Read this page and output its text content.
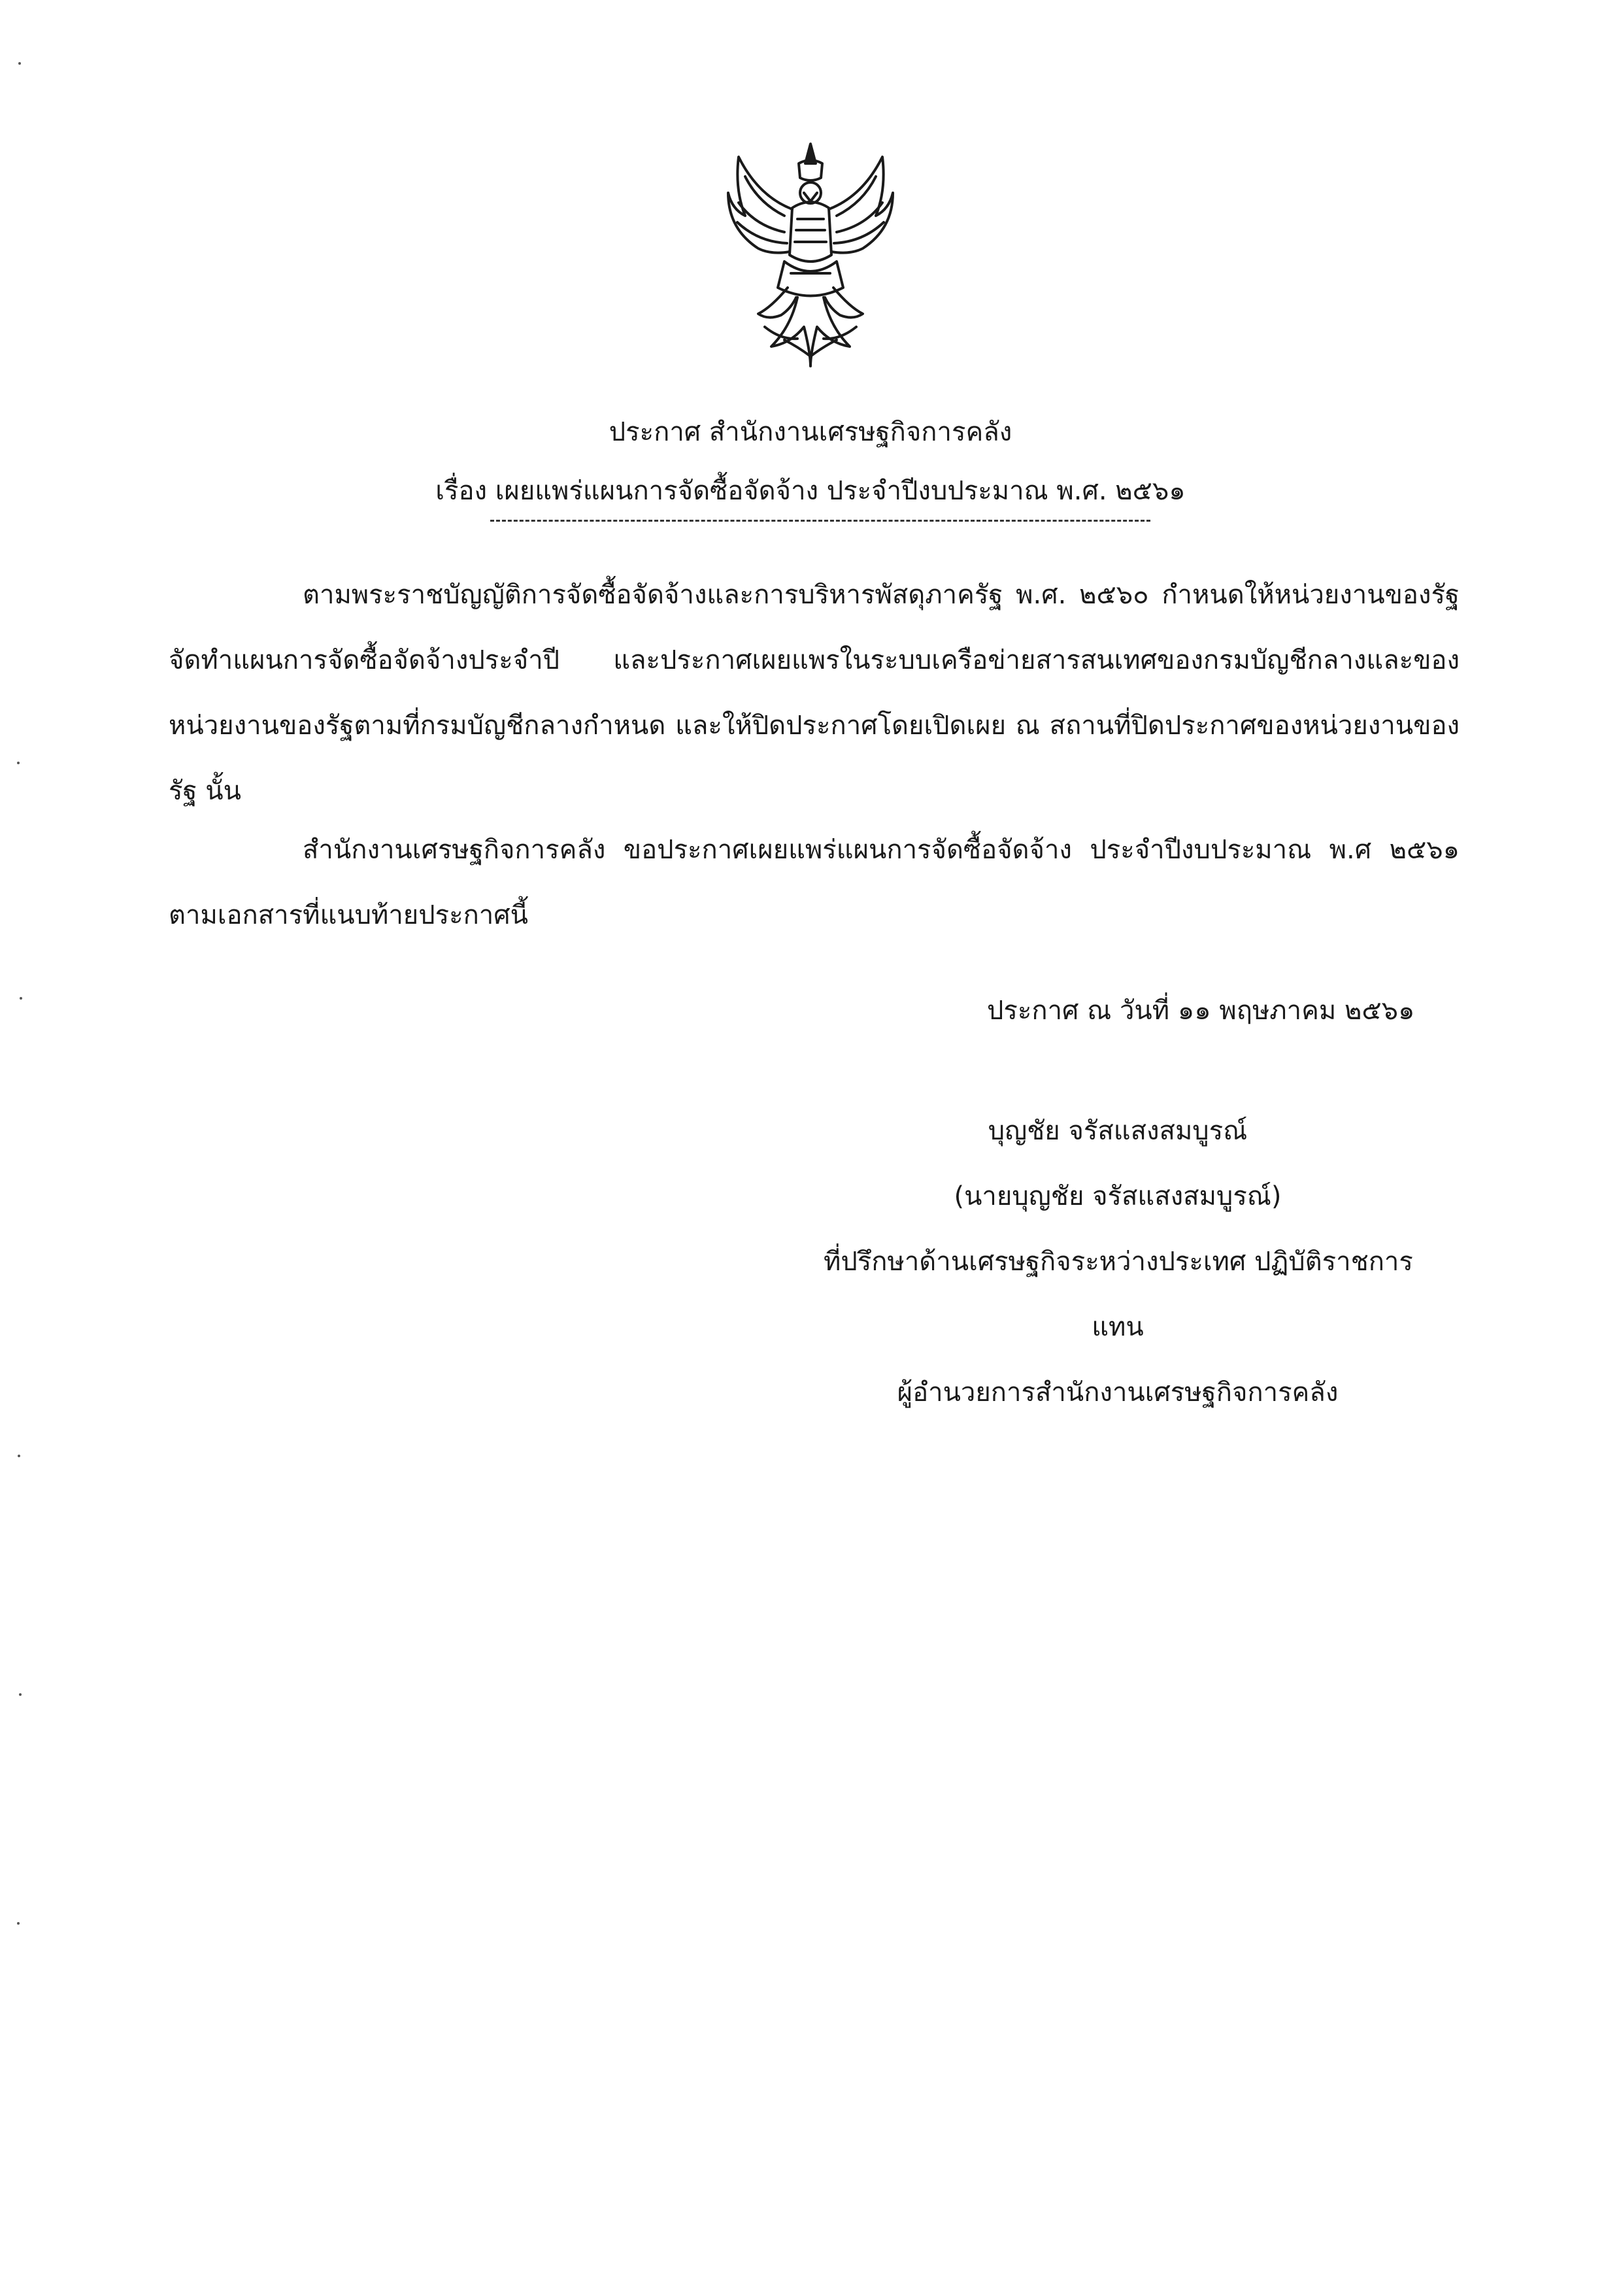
ประกาศ สำนักงานเศรษฐกิจการคลัง
เรื่อง เผยแพร่แผนการจัดซื้อจัดจ้าง ประจำปีงบประมาณ พ.ศ. ๒๕๖๑
ตามพระราชบัญญัติการจัดซื้อจัดจ้างและการบริหารพัสดุภาครัฐ พ.ศ. ๒๕๖๐ กำหนดให้หน่วยงานของรัฐจัดทำแผนการจัดซื้อจัดจ้างประจำปี และประกาศเผยแพรในระบบเครือข่ายสารสนเทศของกรมบัญชีกลางและของหน่วยงานของรัฐตามที่กรมบัญชีกลางกำหนด และให้ปิดประกาศโดยเปิดเผย ณ สถานที่ปิดประกาศของหน่วยงานของรัฐ นั้น
สำนักงานเศรษฐกิจการคลัง ขอประกาศเผยแพร่แผนการจัดซื้อจัดจ้าง ประจำปีงบประมาณ พ.ศ ๒๕๖๑ ตามเอกสารที่แนบท้ายประกาศนี้
ประกาศ ณ วันที่ ๑๑ พฤษภาคม ๒๕๖๑
บุญชัย จรัสแสงสมบูรณ์
(นายบุญชัย จรัสแสงสมบูรณ์)
ที่ปรึกษาด้านเศรษฐกิจระหว่างประเทศ ปฏิบัติราชการ
แทน
ผู้อำนวยการสำนักงานเศรษฐกิจการคลัง
